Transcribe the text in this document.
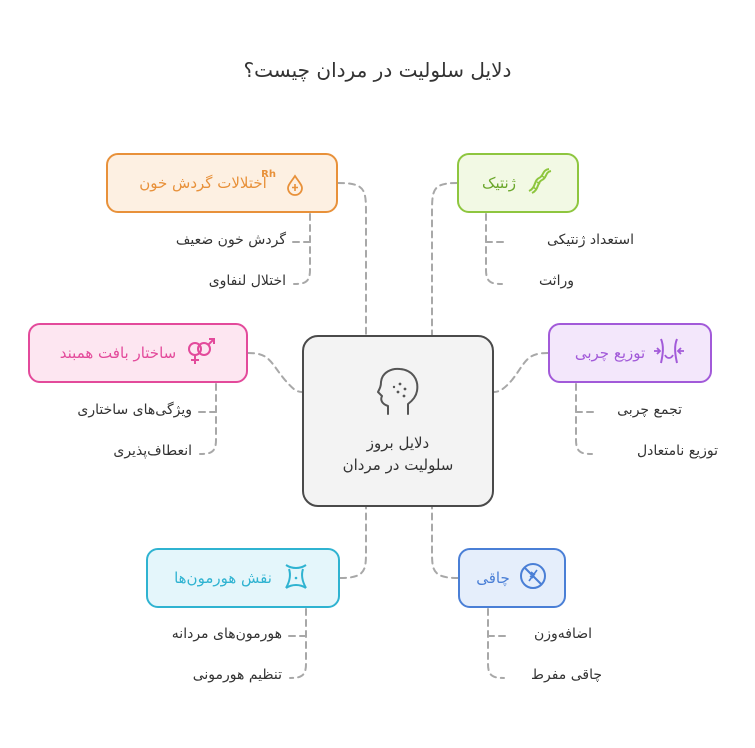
دلایل سلولیت در مردان چیست؟
Rh
اختلالات گردش خون
گردش خون ضعیف
اختلال لنفاوی
ژنتیک
استعداد ژنتیکی
وراثت
ساختار بافت همبند
ویژگی‌های ساختاری
انعطاف‌پذیری
توزیع چربی
تجمع چربی
توزیع نامتعادل
نقش هورمون‌ها
هورمون‌های مردانه
تنظیم هورمونی
چاقی
اضافه‌وزن
چاقی مفرط
دلایل بروز
سلولیت در مردان
